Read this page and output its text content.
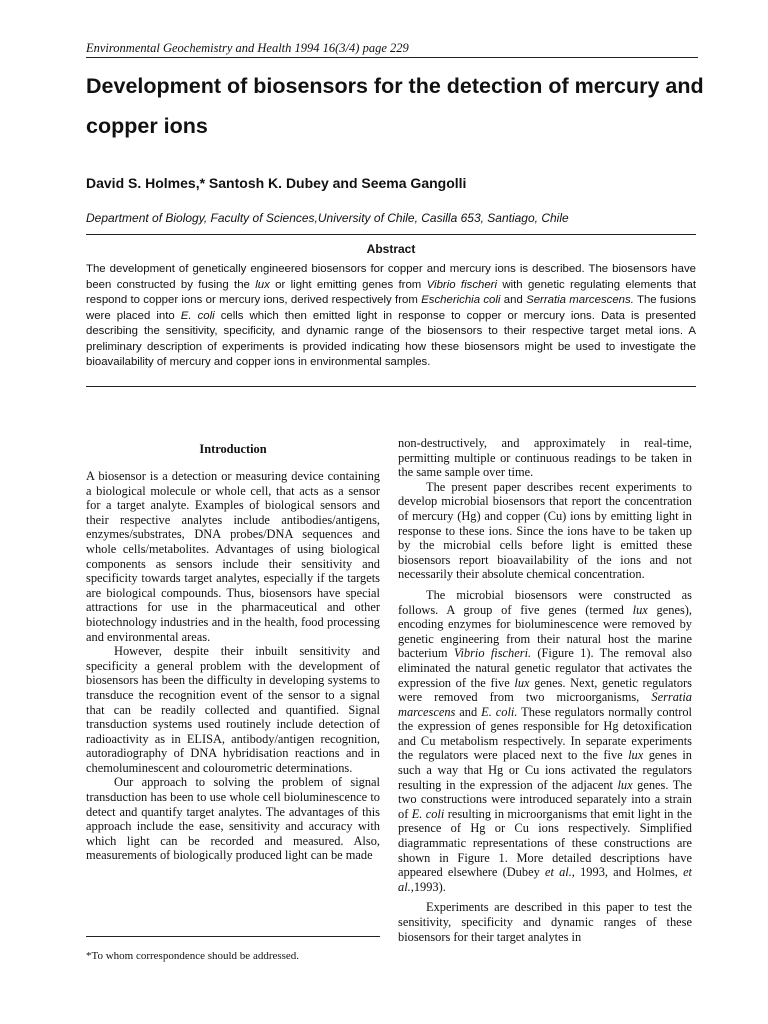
Environmental Geochemistry and Health 1994 16(3/4) page 229
Development of biosensors for the detection of mercury and copper ions
David S. Holmes,* Santosh K. Dubey and Seema Gangolli
Department of Biology, Faculty of Sciences,University of Chile, Casilla 653, Santiago, Chile
Abstract

The development of genetically engineered biosensors for copper and mercury ions is described. The biosensors have been constructed by fusing the lux or light emitting genes from Vibrio fischeri with genetic regulating elements that respond to copper ions or mercury ions, derived respectively from Escherichia coli and Serratia marcescens. The fusions were placed into E. coli cells which then emitted light in response to copper or mercury ions. Data is presented describing the sensitivity, specificity, and dynamic range of the biosensors to their respective target metal ions. A preliminary description of experiments is provided indicating how these biosensors might be used to investigate the bioavailability of mercury and copper ions in environmental samples.

Introduction

A biosensor is a detection or measuring device containing a biological molecule or whole cell, that acts as a sensor for a target analyte. Examples of biological sensors and their respective analytes include antibodies/antigens, enzymes/substrates, DNA probes/DNA sequences and whole cells/metabolites. Advantages of using biological components as sensors include their sensitivity and specificity towards target analytes, especially if the targets are biological compounds. Thus, biosensors have special attractions for use in the pharmaceutical and other biotechnology industries and in the health, food processing and environmental areas.

However, despite their inbuilt sensitivity and specificity a general problem with the development of biosensors has been the difficulty in developing systems to transduce the recognition event of the sensor to a signal that can be readily collected and quantified. Signal transduction systems used routinely include detection of radioactivity as in ELISA, antibody/antigen recognition, autoradiography of DNA hybridisation reactions and in chemoluminescent and colourometric determinations.

Our approach to solving the problem of signal transduction has been to use whole cell bioluminescence to detect and quantify target analytes. The advantages of this approach include the ease, sensitivity and accuracy with which light can be recorded and measured. Also, measurements of biologically produced light can be made

non-destructively, and approximately in real-time, permitting multiple or continuous readings to be taken in the same sample over time.

The present paper describes recent experiments to develop microbial biosensors that report the concentration of mercury (Hg) and copper (Cu) ions by emitting light in response to these ions. Since the ions have to be taken up by the microbial cells before light is emitted these biosensors report bioavailability of the ions and not necessarily their absolute chemical concentration.

The microbial biosensors were constructed as follows. A group of five genes (termed lux genes), encoding enzymes for bioluminescence were removed by genetic engineering from their natural host the marine bacterium Vibrio fischeri. (Figure 1). The removal also eliminated the natural genetic regulator that activates the expression of the five lux genes. Next, genetic regulators were removed from two microorganisms, Serratia marcescens and E. coli. These regulators normally control the expression of genes responsible for Hg detoxification and Cu metabolism respectively. In separate experiments the regulators were placed next to the five lux genes in such a way that Hg or Cu ions activated the regulators resulting in the expression of the adjacent lux genes. The two constructions were introduced separately into a strain of E. coli resulting in microorganisms that emit light in the presence of Hg or Cu ions respectively. Simplified diagrammatic representations of these constructions are shown in Figure 1. More detailed descriptions have appeared elsewhere (Dubey et al., 1993, and Holmes, et al.,1993).

Experiments are described in this paper to test the sensitivity, specificity and dynamic ranges of these biosensors for their target analytes in

*To whom correspondence should be addressed.
